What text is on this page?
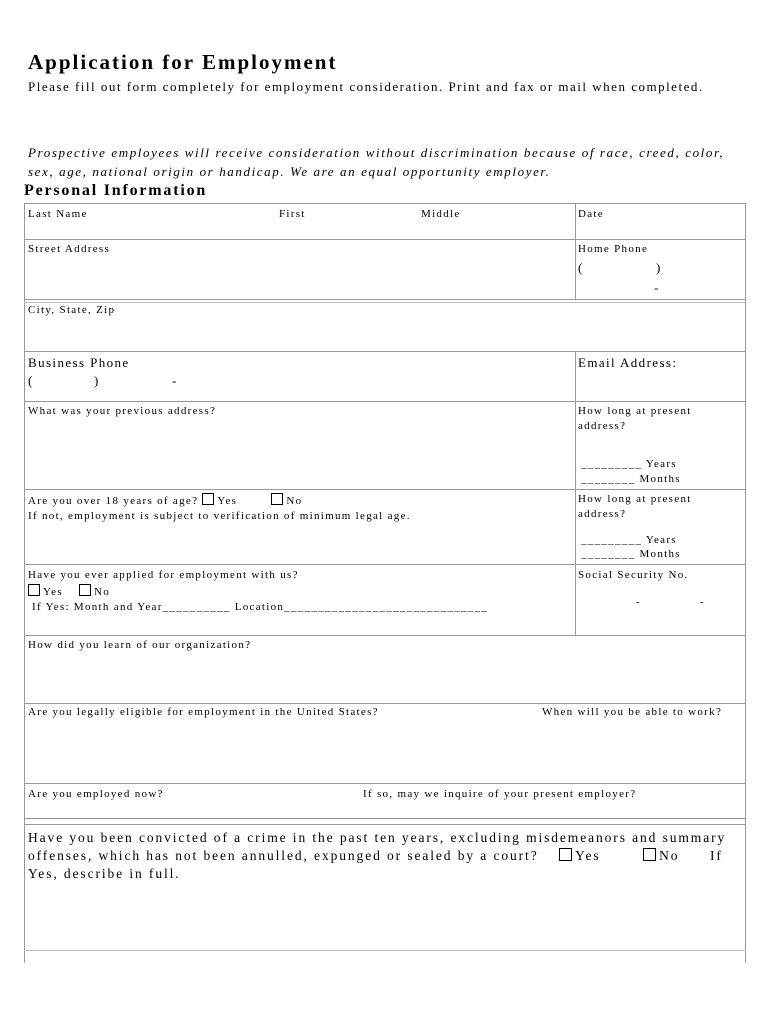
Application for Employment
Please fill out form completely for employment consideration. Print and fax or mail when completed.
Prospective employees will receive consideration without discrimination because of race, creed, color, sex, age, national origin or handicap. We are an equal opportunity employer.
Personal Information
Last Name	First	Middle	Date
Street Address	Home Phone
(	)
-
City, State, Zip
Business Phone
(	)	-
Email Address:
What was your previous address?	How long at present address?
_________ Years
________ Months
Are you over 18 years of age? Yes	No
If not, employment is subject to verification of minimum legal age.
How long at present address?
_________ Years
________ Months
Have you ever applied for employment with us?
Yes	No
If Yes: Month and Year__________ Location______________________________
Social Security No.
-	-
How did you learn of our organization?
Are you legally eligible for employment in the United States?	When will you be able to work?
Are you employed now?	If so, may we inquire of your present employer?
Have you been convicted of a crime in the past ten years, excluding misdemeanors and summary
offenses, which has not been annulled, expunged or sealed by a court?	Yes	No If
Yes, describe in full.
